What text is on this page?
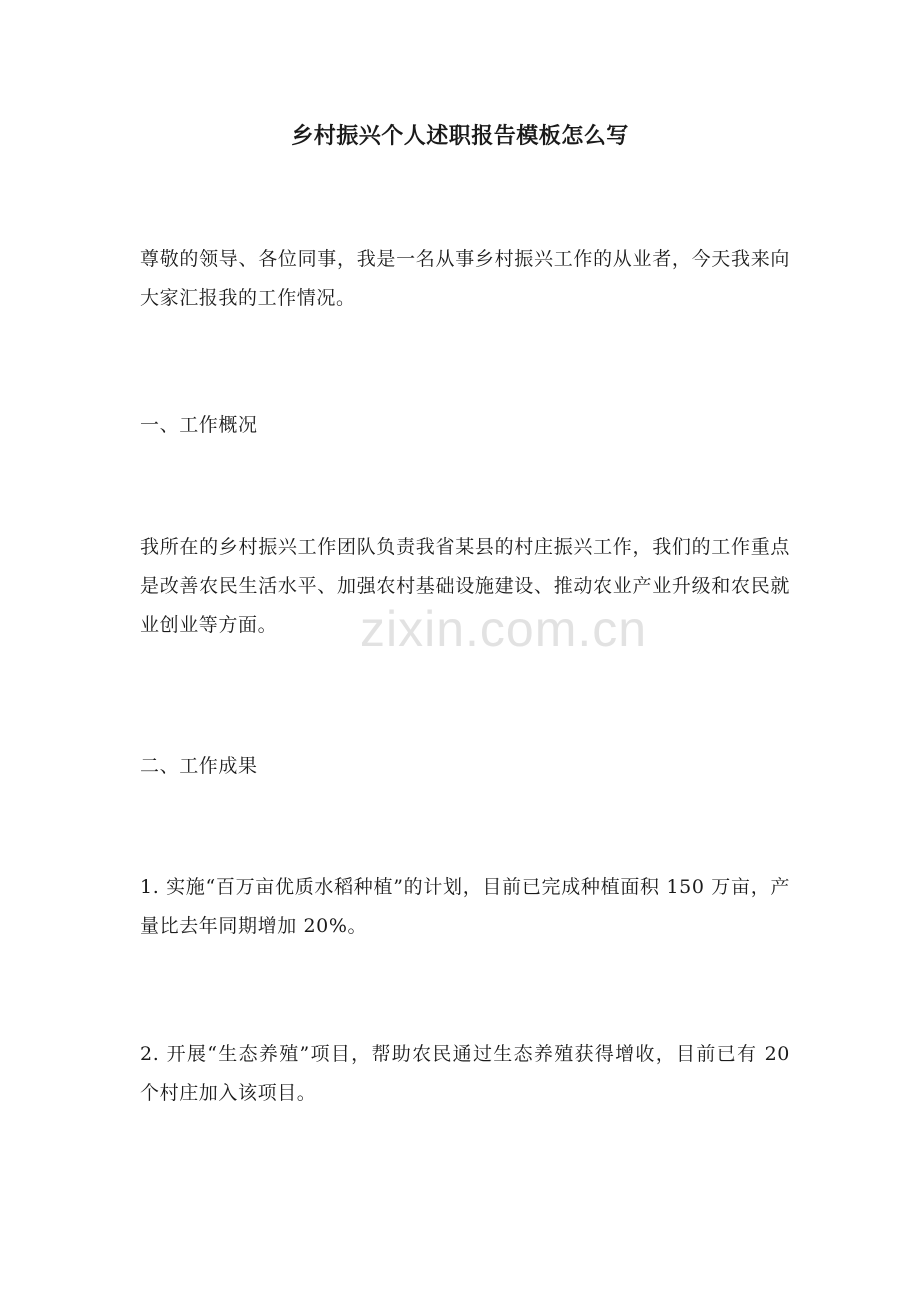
乡村振兴个人述职报告模板怎么写

尊敬的领导、各位同事，我是一名从事乡村振兴工作的从业者，今天我来向大家汇报我的工作情况。

一、工作概况

我所在的乡村振兴工作团队负责我省某县的村庄振兴工作，我们的工作重点是改善农民生活水平、加强农村基础设施建设、推动农业产业升级和农民就业创业等方面。

二、工作成果

1. 实施“百万亩优质水稻种植”的计划，目前已完成种植面积 150 万亩，产量比去年同期增加 20%。

2. 开展“生态养殖”项目，帮助农民通过生态养殖获得增收，目前已有 20 个村庄加入该项目。

zixin.com.cn
